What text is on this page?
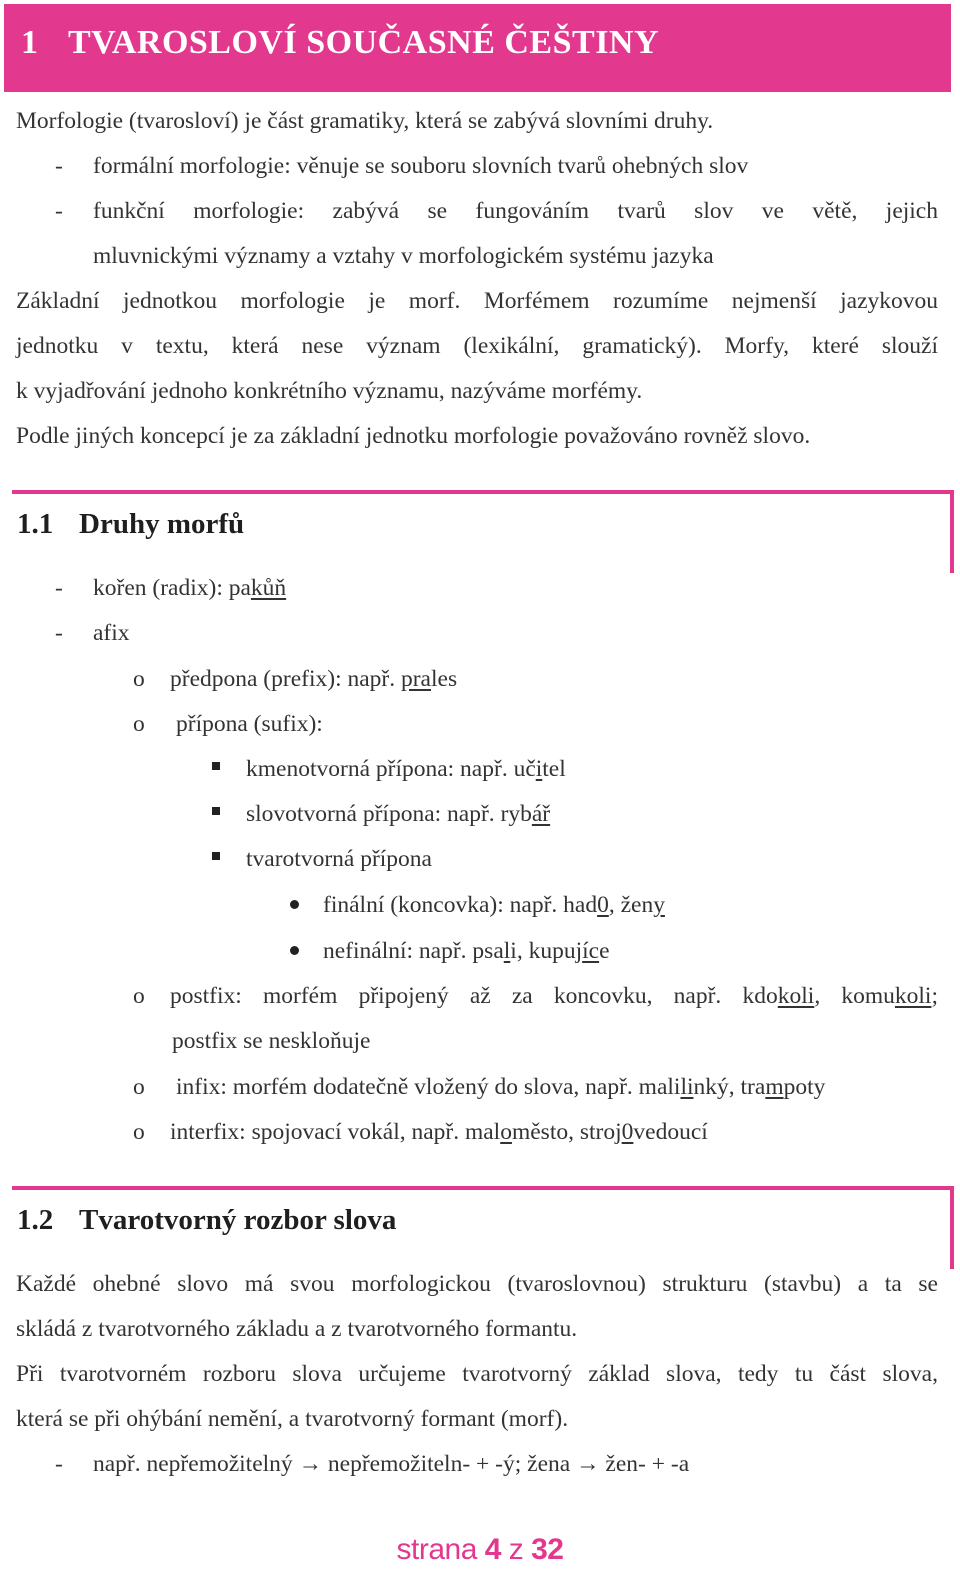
1 TVAROSLOVÍ SOUČASNÉ ČEŠTINY
Morfologie (tvarosloví) je část gramatiky, která se zabývá slovními druhy.
- formální morfologie: věnuje se souboru slovních tvarů ohebných slov
- funkční morfologie: zabývá se fungováním tvarů slov ve větě, jejich
mluvnickými významy a vztahy v morfologickém systému jazyka
Základní jednotkou morfologie je morf. Morfémem rozumíme nejmenší jazykovou
jednotku v textu, která nese význam (lexikální, gramatický). Morfy, které slouží
k vyjadřování jednoho konkrétního významu, nazýváme morfémy.
Podle jiných koncepcí je za základní jednotku morfologie považováno rovněž slovo.
1.1 Druhy morfů
- kořen (radix): pakůň
- afix
o předpona (prefix): např. prales
o přípona (sufix):
kmenotvorná přípona: např. učitel
slovotvorná přípona: např. rybář
tvarotvorná přípona
finální (koncovka): např. had0, ženy
nefinální: např. psali, kupujíce
o postfix: morfém připojený až za koncovku, např. kdokoli, komukoli;
postfix se neskloňuje
o infix: morfém dodatečně vložený do slova, např. malilinký, trampoty
o interfix: spojovací vokál, např. maloměsto, stroj0vedoucí
1.2 Tvarotvorný rozbor slova
Každé ohebné slovo má svou morfologickou (tvaroslovnou) strukturu (stavbu) a ta se
skládá z tvarotvorného základu a z tvarotvorného formantu.
Při tvarotvorném rozboru slova určujeme tvarotvorný základ slova, tedy tu část slova,
která se při ohýbání nemění, a tvarotvorný formant (morf).
- např. nepřemožitelný → nepřemožiteln- + -ý; žena → žen- + -a
strana 4 z 32
